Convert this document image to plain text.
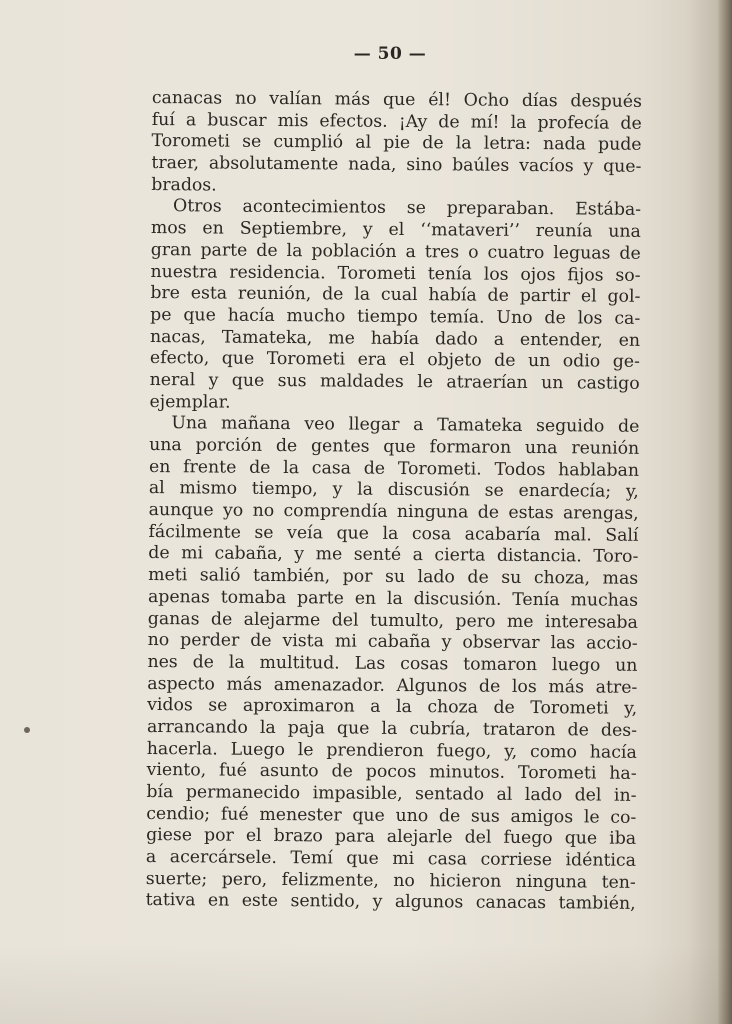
— 50 —
canacas no valían más que él! Ocho días después
fuí a buscar mis efectos. ¡Ay de mí! la profecía de
Torometi se cumplió al pie de la letra: nada pude
traer, absolutamente nada, sino baúles vacíos y que-
brados.
Otros acontecimientos se preparaban. Estába-
mos en Septiembre, y el ‘‘mataveri’’ reunía una
gran parte de la población a tres o cuatro leguas de
nuestra residencia. Torometi tenía los ojos fijos so-
bre esta reunión, de la cual había de partir el gol-
pe que hacía mucho tiempo temía. Uno de los ca-
nacas, Tamateka, me había dado a entender, en
efecto, que Torometi era el objeto de un odio ge-
neral y que sus maldades le atraerían un castigo
ejemplar.
Una mañana veo llegar a Tamateka seguido de
una porción de gentes que formaron una reunión
en frente de la casa de Torometi. Todos hablaban
al mismo tiempo, y la discusión se enardecía; y,
aunque yo no comprendía ninguna de estas arengas,
fácilmente se veía que la cosa acabaría mal. Salí
de mi cabaña, y me senté a cierta distancia. Toro-
meti salió también, por su lado de su choza, mas
apenas tomaba parte en la discusión. Tenía muchas
ganas de alejarme del tumulto, pero me interesaba
no perder de vista mi cabaña y observar las accio-
nes de la multitud. Las cosas tomaron luego un
aspecto más amenazador. Algunos de los más atre-
vidos se aproximaron a la choza de Torometi y,
arrancando la paja que la cubría, trataron de des-
hacerla. Luego le prendieron fuego, y, como hacía
viento, fué asunto de pocos minutos. Torometi ha-
bía permanecido impasible, sentado al lado del in-
cendio; fué menester que uno de sus amigos le co-
giese por el brazo para alejarle del fuego que iba
a acercársele. Temí que mi casa corriese idéntica
suerte; pero, felizmente, no hicieron ninguna ten-
tativa en este sentido, y algunos canacas también,
